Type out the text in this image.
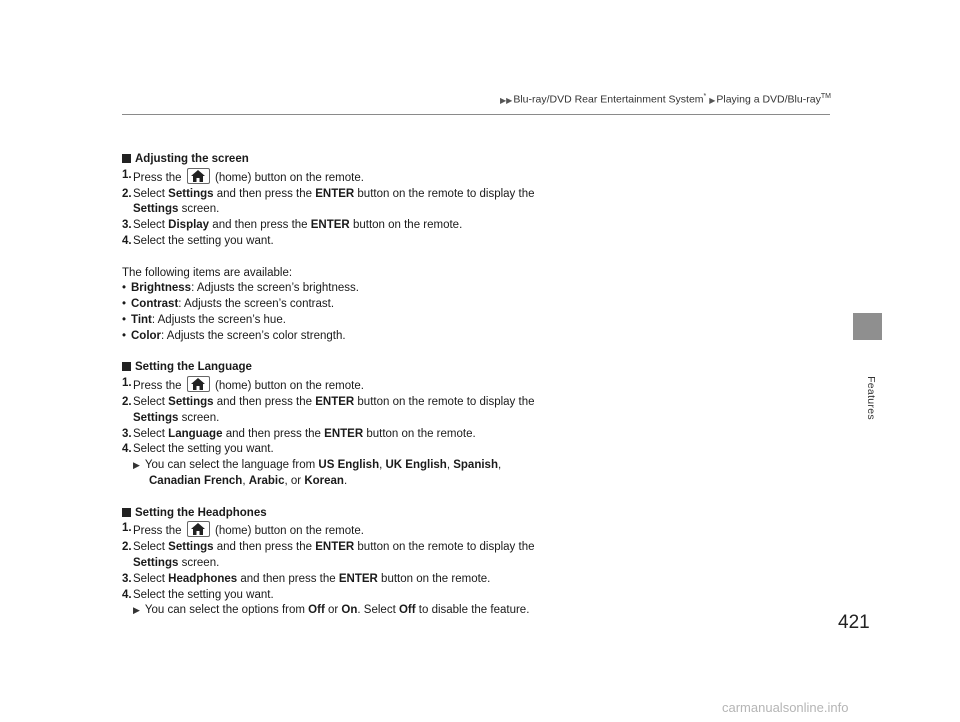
▶▶Blu-ray/DVD Rear Entertainment System* ▶Playing a DVD/Blu-ray™
Features
Adjusting the screen
1. Press the	(home) button on the remote.
2. Select Settings and then press the ENTER button on the remote to display the
Settings screen.
3. Select Display and then press the ENTER button on the remote.
4. Select the setting you want.
The following items are available:
• Brightness: Adjusts the screen’s brightness.
• Contrast: Adjusts the screen’s contrast.
• Tint: Adjusts the screen’s hue.
• Color: Adjusts the screen’s color strength.
Setting the Language
1. Press the	(home) button on the remote.
2. Select Settings and then press the ENTER button on the remote to display the
Settings screen.
3. Select Language and then press the ENTER button on the remote.
4. Select the setting you want.
▶ You can select the language from US English, UK English, Spanish,
Canadian French, Arabic, or Korean.
Setting the Headphones
1. Press the	(home) button on the remote.
2. Select Settings and then press the ENTER button on the remote to display the
Settings screen.
3. Select Headphones and then press the ENTER button on the remote.
4. Select the setting you want.
▶ You can select the options from Off or On. Select Off to disable the feature.
421
carmanualsonline.info
